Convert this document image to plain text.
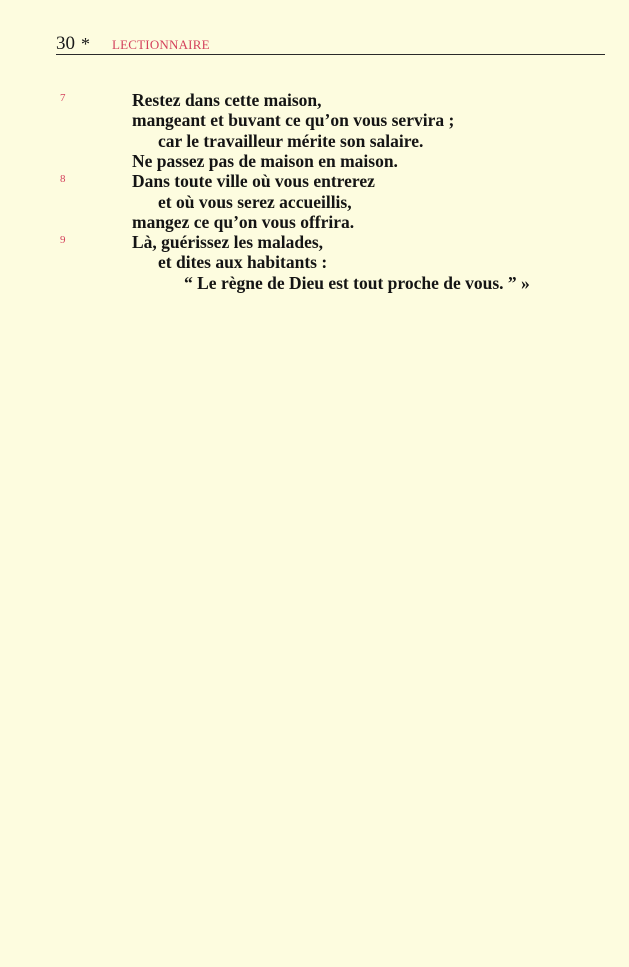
30 * LECTIONNAIRE
7
8
9
Restez dans cette maison,
mangeant et buvant ce qu’on vous servira ;
car le travailleur mérite son salaire.
Ne passez pas de maison en maison.
Dans toute ville où vous entrerez
et où vous serez accueillis,
mangez ce qu’on vous offrira.
Là, guérissez les malades,
et dites aux habitants :
“ Le règne de Dieu est tout proche de vous. ” »
